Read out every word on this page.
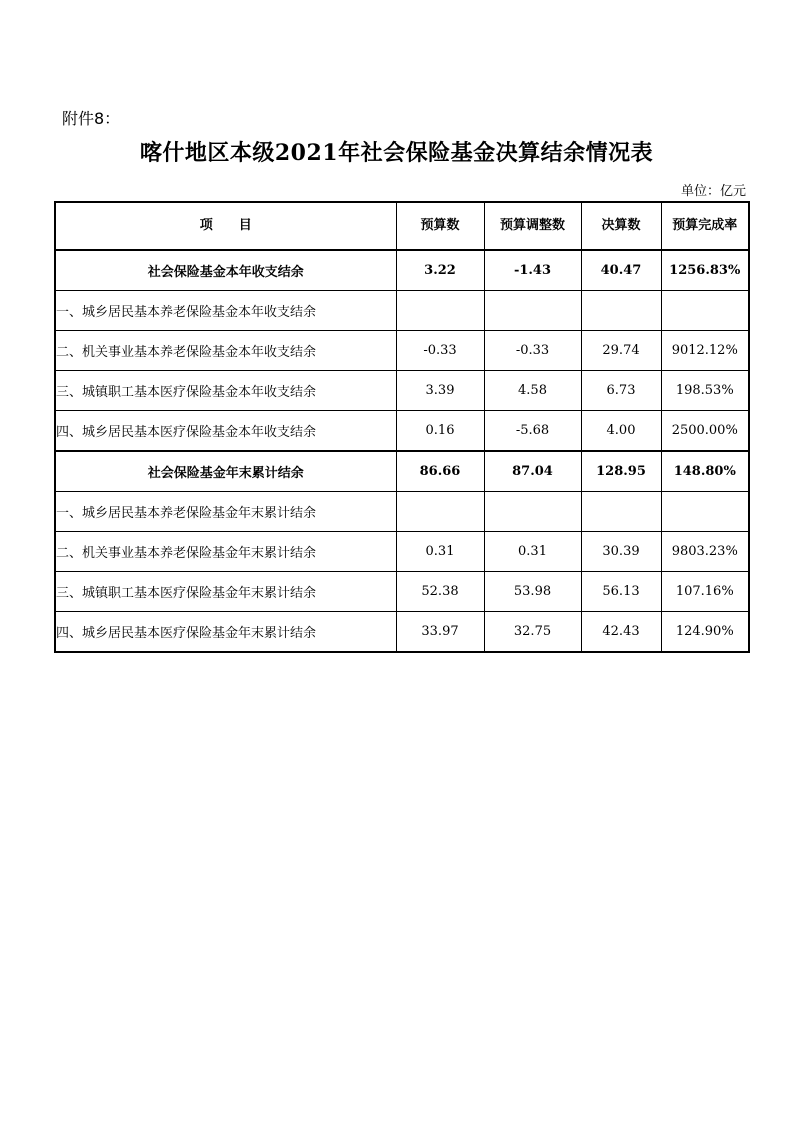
附件8：
喀什地区本级2021年社会保险基金决算结余情况表
单位：亿元
项　　目	预算数	预算调整数	决算数	预算完成率
社会保险基金本年收支结余	3.22	-1.43	40.47	1256.83%
一、城乡居民基本养老保险基金本年收支结余				
二、机关事业基本养老保险基金本年收支结余	-0.33	-0.33	29.74	9012.12%
三、城镇职工基本医疗保险基金本年收支结余	3.39	4.58	6.73	198.53%
四、城乡居民基本医疗保险基金本年收支结余	0.16	-5.68	4.00	2500.00%
社会保险基金年末累计结余	86.66	87.04	128.95	148.80%
一、城乡居民基本养老保险基金年末累计结余				
二、机关事业基本养老保险基金年末累计结余	0.31	0.31	30.39	9803.23%
三、城镇职工基本医疗保险基金年末累计结余	52.38	53.98	56.13	107.16%
四、城乡居民基本医疗保险基金年末累计结余	33.97	32.75	42.43	124.90%
